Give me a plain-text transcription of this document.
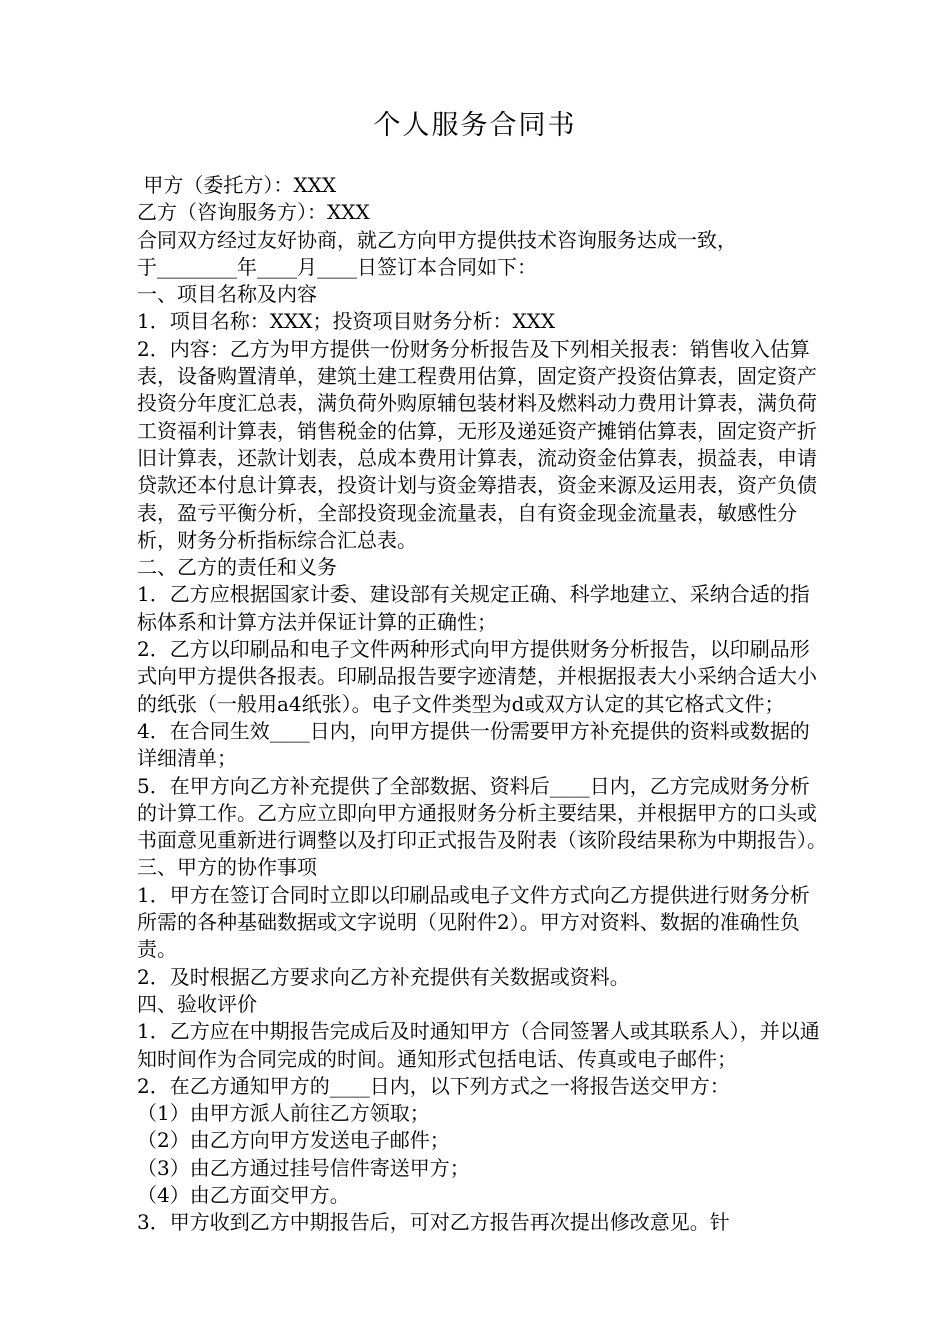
个人服务合同书

甲方（委托方）：XXX

乙方（咨询服务方）：XXX

合同双方经过友好协商，就乙方向甲方提供技术咨询服务达成一致，

于________年____月____日签订本合同如下：

一、项目名称及内容

1．项目名称：XXX；投资项目财务分析：XXX

2．内容：乙方为甲方提供一份财务分析报告及下列相关报表：销售收入估算表，设备购置清单，建筑土建工程费用估算，固定资产投资估算表，固定资产投资分年度汇总表，满负荷外购原辅包装材料及燃料动力费用计算表，满负荷工资福利计算表，销售税金的估算，无形及递延资产摊销估算表，固定资产折旧计算表，还款计划表，总成本费用计算表，流动资金估算表，损益表，申请贷款还本付息计算表，投资计划与资金筹措表，资金来源及运用表，资产负债表，盈亏平衡分析，全部投资现金流量表，自有资金现金流量表，敏感性分析，财务分析指标综合汇总表。

二、乙方的责任和义务

1．乙方应根据国家计委、建设部有关规定正确、科学地建立、采纳合适的指标体系和计算方法并保证计算的正确性；

2．乙方以印刷品和电子文件两种形式向甲方提供财务分析报告，以印刷品形式向甲方提供各报表。印刷品报告要字迹清楚，并根据报表大小采纳合适大小的纸张（一般用a4纸张）。电子文件类型为d或双方认定的其它格式文件；

4．在合同生效____日内，向甲方提供一份需要甲方补充提供的资料或数据的详细清单；

5．在甲方向乙方补充提供了全部数据、资料后____日内，乙方完成财务分析的计算工作。乙方应立即向甲方通报财务分析主要结果，并根据甲方的口头或书面意见重新进行调整以及打印正式报告及附表（该阶段结果称为中期报告）。

三、甲方的协作事项

1．甲方在签订合同时立即以印刷品或电子文件方式向乙方提供进行财务分析所需的各种基础数据或文字说明（见附件2）。甲方对资料、数据的准确性负责。

2．及时根据乙方要求向乙方补充提供有关数据或资料。

四、验收评价

1．乙方应在中期报告完成后及时通知甲方（合同签署人或其联系人），并以通知时间作为合同完成的时间。通知形式包括电话、传真或电子邮件；

2．在乙方通知甲方的____日内，以下列方式之一将报告送交甲方：

（1）由甲方派人前往乙方领取；

（2）由乙方向甲方发送电子邮件；

（3）由乙方通过挂号信件寄送甲方；

（4）由乙方面交甲方。

3．甲方收到乙方中期报告后，可对乙方报告再次提出修改意见。针
